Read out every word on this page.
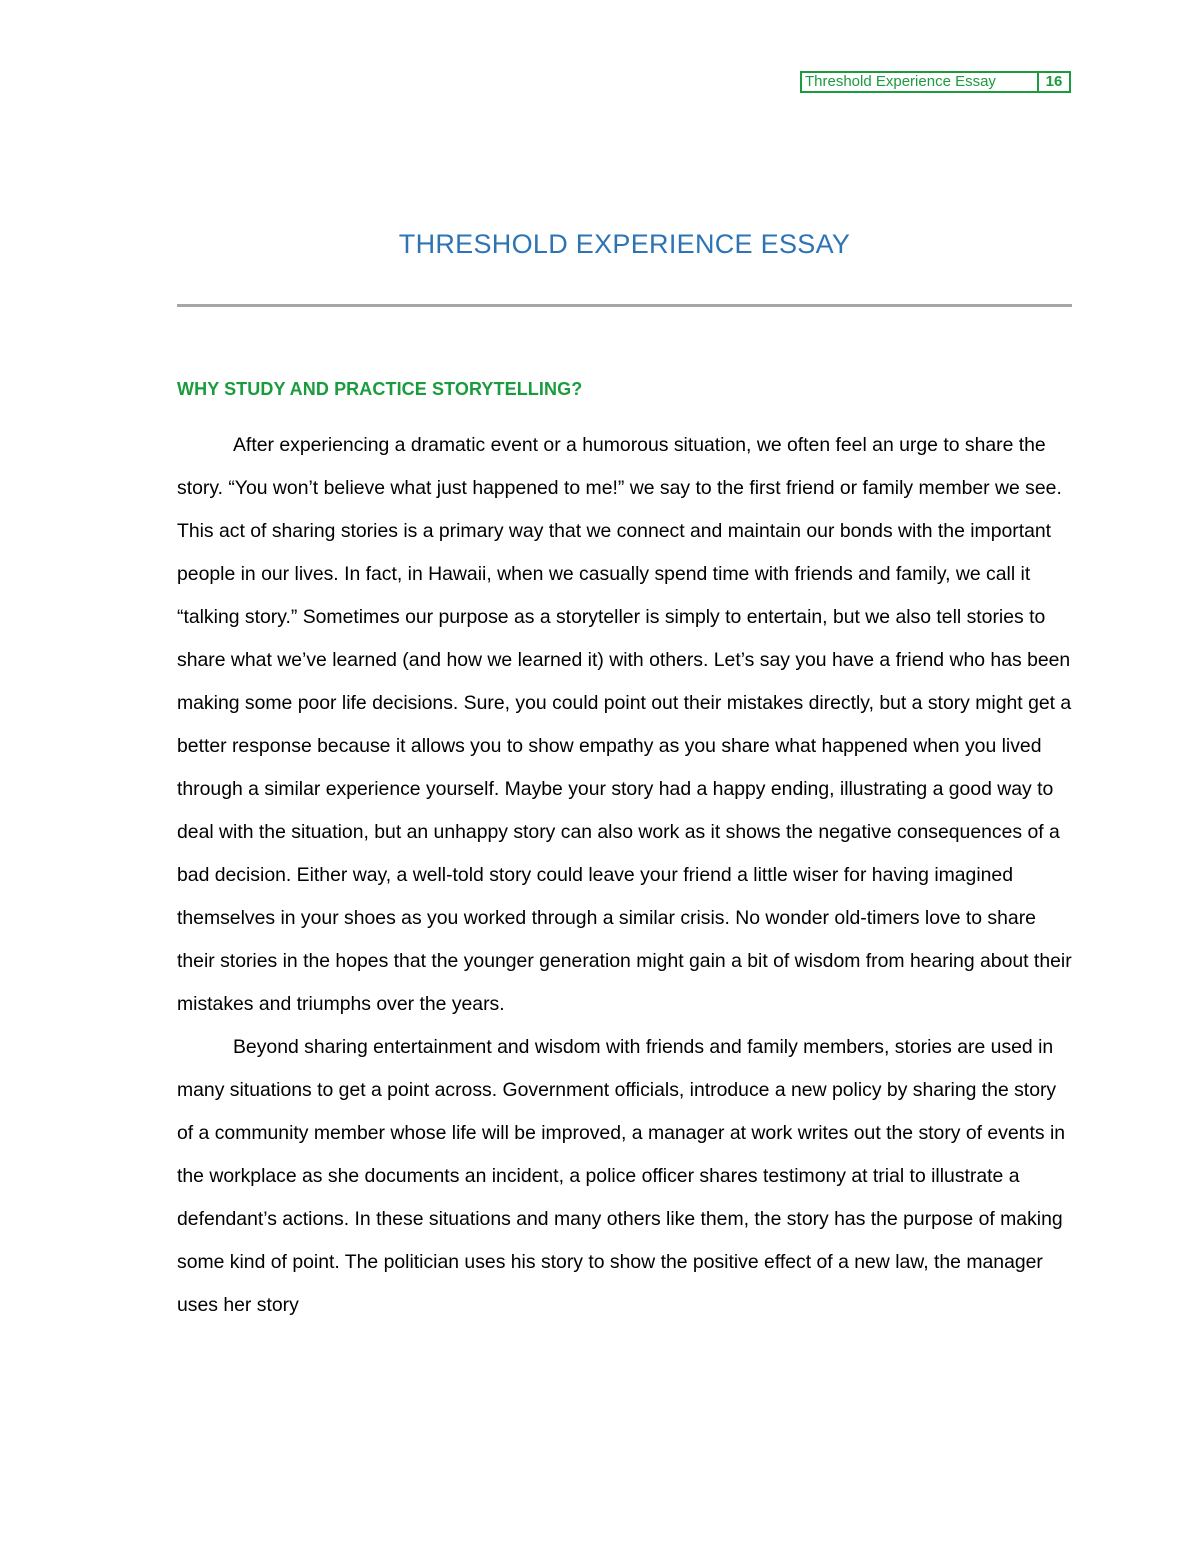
Threshold Experience Essay	16
THRESHOLD EXPERIENCE ESSAY
WHY STUDY AND PRACTICE STORYTELLING?

After experiencing a dramatic event or a humorous situation, we often feel an urge to share the story. “You won’t believe what just happened to me!” we say to the first friend or family member we see. This act of sharing stories is a primary way that we connect and maintain our bonds with the important people in our lives. In fact, in Hawaii, when we casually spend time with friends and family, we call it “talking story.” Sometimes our purpose as a storyteller is simply to entertain, but we also tell stories to share what we’ve learned (and how we learned it) with others. Let’s say you have a friend who has been making some poor life decisions. Sure, you could point out their mistakes directly, but a story might get a better response because it allows you to show empathy as you share what happened when you lived through a similar experience yourself. Maybe your story had a happy ending, illustrating a good way to deal with the situation, but an unhappy story can also work as it shows the negative consequences of a bad decision. Either way, a well-told story could leave your friend a little wiser for having imagined themselves in your shoes as you worked through a similar crisis. No wonder old-timers love to share their stories in the hopes that the younger generation might gain a bit of wisdom from hearing about their mistakes and triumphs over the years.

Beyond sharing entertainment and wisdom with friends and family members, stories are used in many situations to get a point across. Government officials, introduce a new policy by sharing the story of a community member whose life will be improved, a manager at work writes out the story of events in the workplace as she documents an incident, a police officer shares testimony at trial to illustrate a defendant’s actions. In these situations and many others like them, the story has the purpose of making some kind of point. The politician uses his story to show the positive effect of a new law, the manager uses her story
